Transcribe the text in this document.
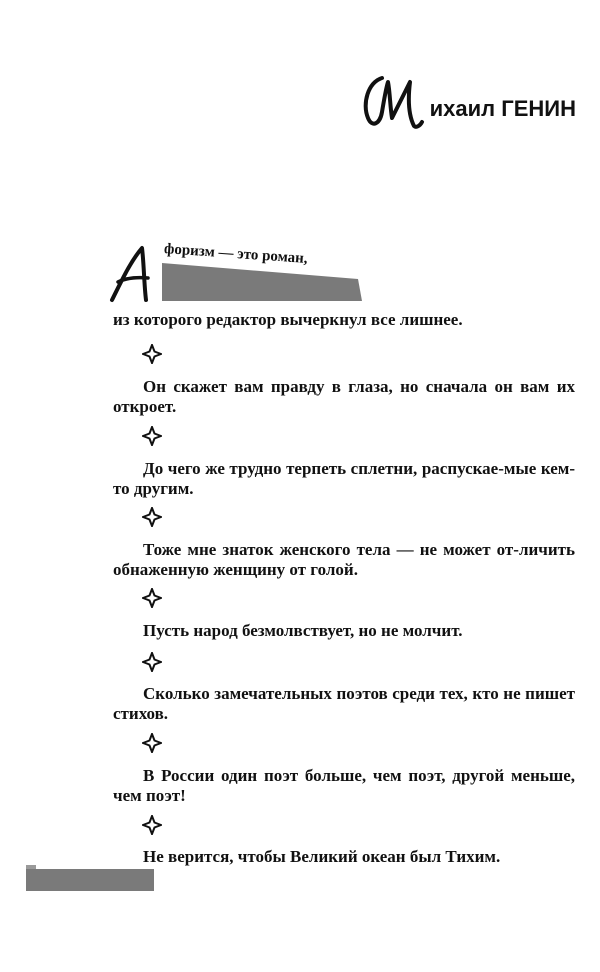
ихаил ГЕНИН
форизм — это роман,

из которого редактор вычеркнул все лишнее.

Он скажет вам правду в глаза, но сначала он вам их откроет.

До чего же трудно терпеть сплетни, распускае-мые кем-то другим.

Тоже мне знаток женского тела — не может от-личить обнаженную женщину от голой.

Пусть народ безмолвствует, но не молчит.

Сколько замечательных поэтов среди тех, кто не пишет стихов.

В России один поэт больше, чем поэт, другой меньше, чем поэт!

Не верится, чтобы Великий океан был Тихим.
